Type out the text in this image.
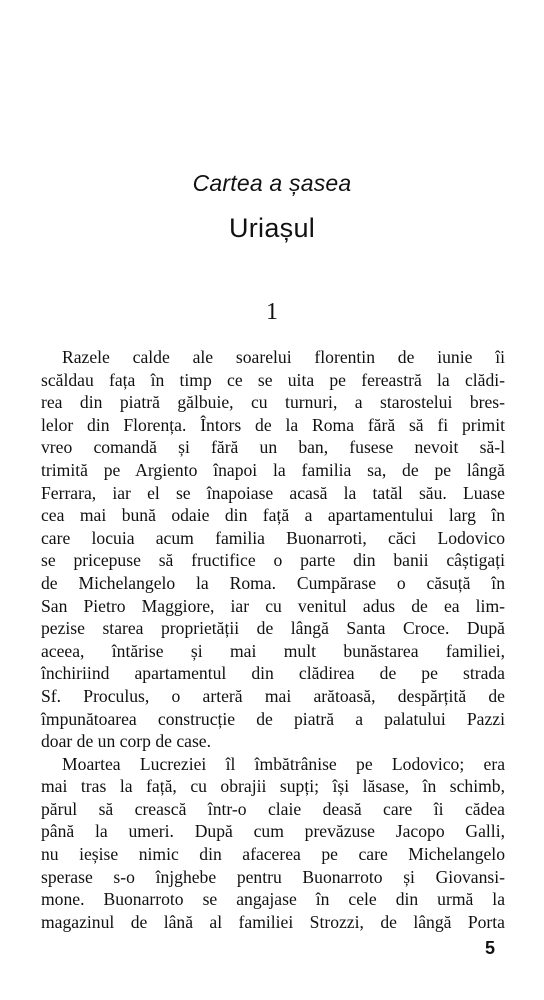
Cartea a șasea
Uriașul
1
Razele calde ale soarelui florentin de iunie îi
scăldau fața în timp ce se uita pe fereastră la clădi-
rea din piatră gălbuie, cu turnuri, a starostelui bres-
lelor din Florența. Întors de la Roma fără să fi primit
vreo comandă și fără un ban, fusese nevoit să-l
trimită pe Argiento înapoi la familia sa, de pe lângă
Ferrara, iar el se înapoiase acasă la tatăl său. Luase
cea mai bună odaie din față a apartamentului larg în
care locuia acum familia Buonarroti, căci Lodovico
se pricepuse să fructifice o parte din banii câștigați
de Michelangelo la Roma. Cumpărase o căsuță în
San Pietro Maggiore, iar cu venitul adus de ea lim-
pezise starea proprietății de lângă Santa Croce. După
aceea, întărise și mai mult bunăstarea familiei,
închiriind apartamentul din clădirea de pe strada
Sf. Proculus, o arteră mai arătoasă, despărțită de
împunătoarea construcție de piatră a palatului Pazzi
doar de un corp de case.
Moartea Lucreziei îl îmbătrânise pe Lodovico; era
mai tras la față, cu obrajii supți; își lăsase, în schimb,
părul să crească într-o claie deasă care îi cădea
până la umeri. După cum prevăzuse Jacopo Galli,
nu ieșise nimic din afacerea pe care Michelangelo
sperase s-o înjghebe pentru Buonarroto și Giovansi-
mone. Buonarroto se angajase în cele din urmă la
magazinul de lână al familiei Strozzi, de lângă Porta
5
